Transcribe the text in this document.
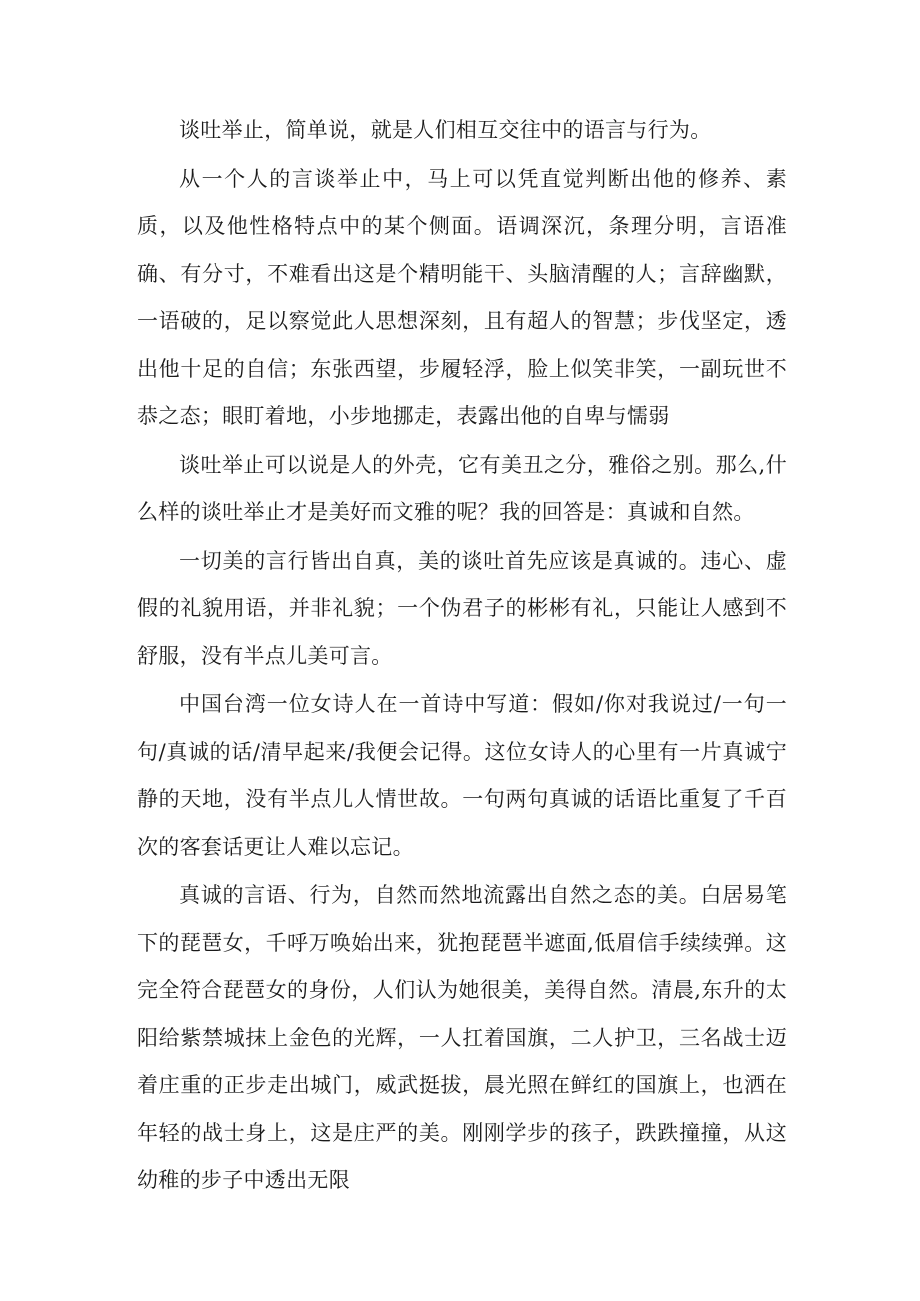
谈吐举止，简单说，就是人们相互交往中的语言与行为。

从一个人的言谈举止中，马上可以凭直觉判断出他的修养、素质，以及他性格特点中的某个侧面。语调深沉，条理分明，言语准确、有分寸，不难看出这是个精明能干、头脑清醒的人；言辞幽默，一语破的，足以察觉此人思想深刻，且有超人的智慧；步伐坚定，透出他十足的自信；东张西望，步履轻浮，脸上似笑非笑，一副玩世不恭之态；眼盯着地，小步地挪走，表露出他的自卑与懦弱

谈吐举止可以说是人的外壳，它有美丑之分，雅俗之别。那么,什么样的谈吐举止才是美好而文雅的呢？我的回答是：真诚和自然。

一切美的言行皆出自真，美的谈吐首先应该是真诚的。违心、虚假的礼貌用语，并非礼貌；一个伪君子的彬彬有礼，只能让人感到不舒服，没有半点儿美可言。

中国台湾一位女诗人在一首诗中写道：假如/你对我说过/一句一句/真诚的话/清早起来/我便会记得。这位女诗人的心里有一片真诚宁静的天地，没有半点儿人情世故。一句两句真诚的话语比重复了千百次的客套话更让人难以忘记。

真诚的言语、行为，自然而然地流露出自然之态的美。白居易笔下的琵琶女，千呼万唤始出来，犹抱琵琶半遮面,低眉信手续续弹。这完全符合琵琶女的身份，人们认为她很美，美得自然。清晨,东升的太阳给紫禁城抹上金色的光辉，一人扛着国旗，二人护卫，三名战士迈着庄重的正步走出城门，威武挺拔，晨光照在鲜红的国旗上，也洒在年轻的战士身上，这是庄严的美。刚刚学步的孩子，跌跌撞撞，从这幼稚的步子中透出无限
